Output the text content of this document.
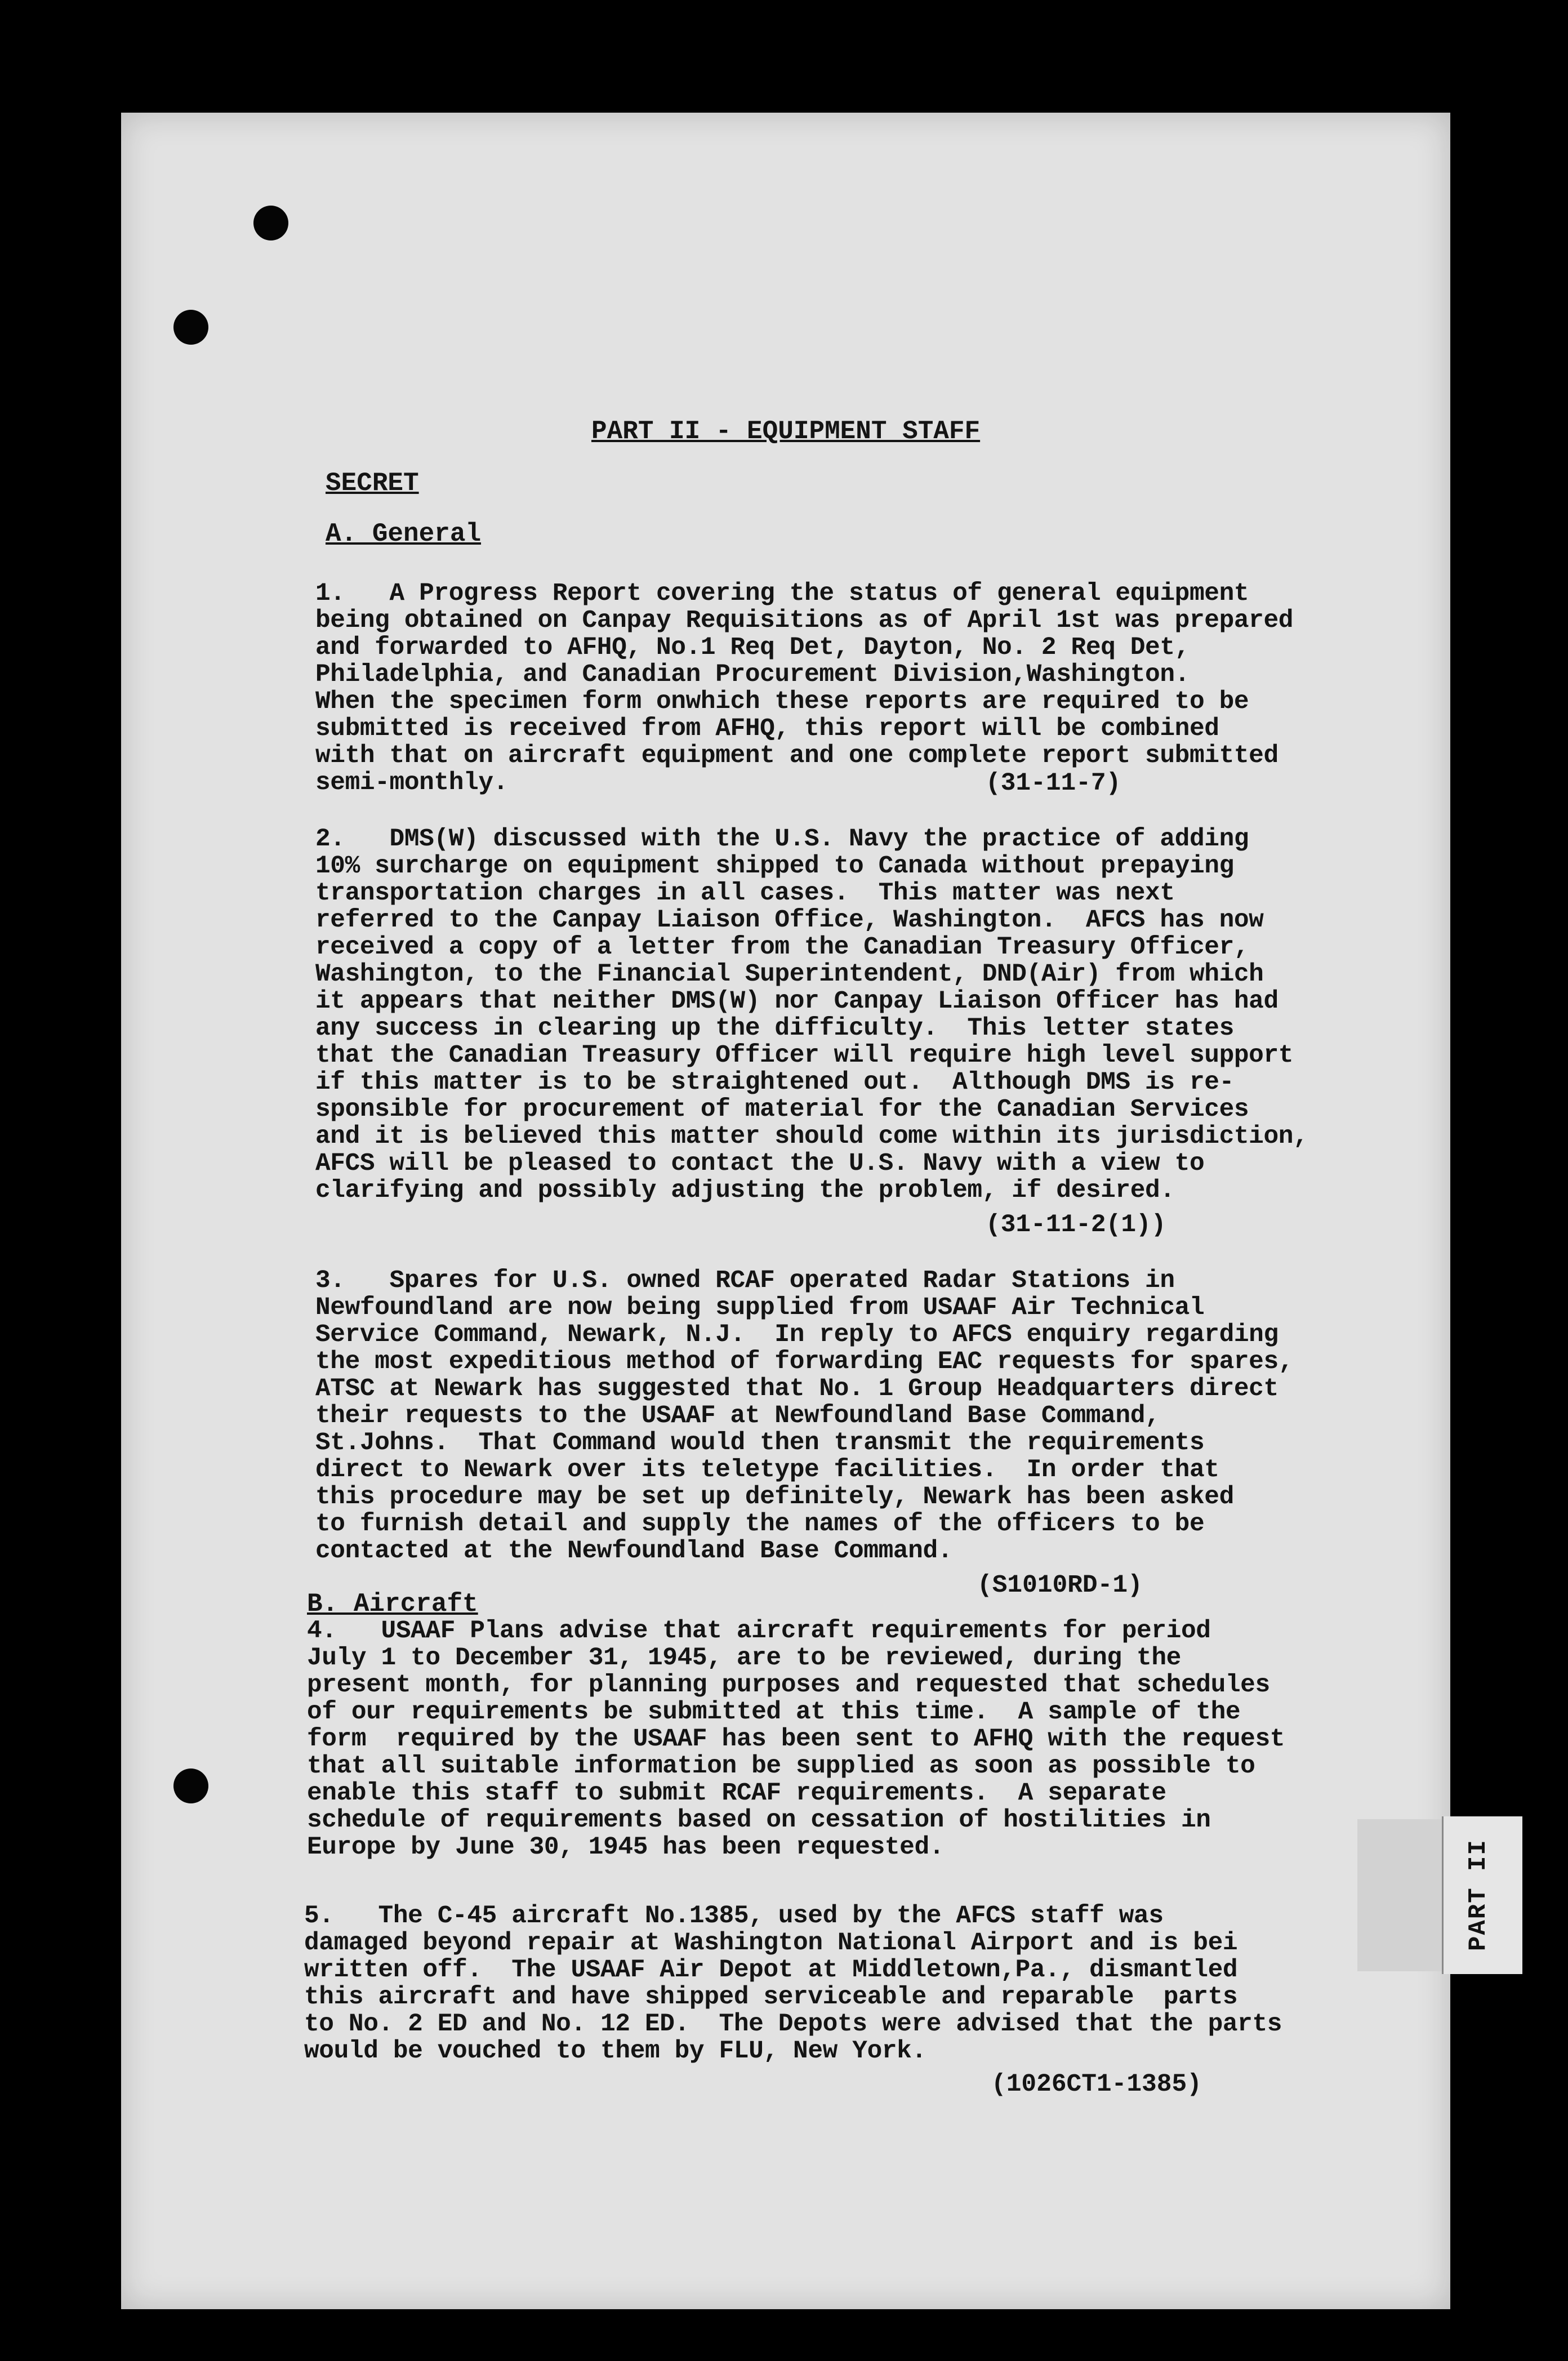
PART II
PART II - EQUIPMENT STAFF
SECRET
A. General
1.   A Progress Report covering the status of general equipment
being obtained on Canpay Requisitions as of April 1st was prepared
and forwarded to AFHQ, No.1 Req Det, Dayton, No. 2 Req Det,
Philadelphia, and Canadian Procurement Division,Washington.
When the specimen form onwhich these reports are required to be
submitted is received from AFHQ, this report will be combined
with that on aircraft equipment and one complete report submitted
semi-monthly.	(31-11-7)
2.   DMS(W) discussed with the U.S. Navy the practice of adding
10% surcharge on equipment shipped to Canada without prepaying
transportation charges in all cases.  This matter was next
referred to the Canpay Liaison Office, Washington.  AFCS has now
received a copy of a letter from the Canadian Treasury Officer,
Washington, to the Financial Superintendent, DND(Air) from which
it appears that neither DMS(W) nor Canpay Liaison Officer has had
any success in clearing up the difficulty.  This letter states
that the Canadian Treasury Officer will require high level support
if this matter is to be straightened out.  Although DMS is re-
sponsible for procurement of material for the Canadian Services
and it is believed this matter should come within its jurisdiction,
AFCS will be pleased to contact the U.S. Navy with a view to
clarifying and possibly adjusting the problem, if desired.
(31-11-2(1))
3.   Spares for U.S. owned RCAF operated Radar Stations in
Newfoundland are now being supplied from USAAF Air Technical
Service Command, Newark, N.J.  In reply to AFCS enquiry regarding
the most expeditious method of forwarding EAC requests for spares,
ATSC at Newark has suggested that No. 1 Group Headquarters direct
their requests to the USAAF at Newfoundland Base Command,
St.Johns.  That Command would then transmit the requirements
direct to Newark over its teletype facilities.  In order that
this procedure may be set up definitely, Newark has been asked
to furnish detail and supply the names of the officers to be
contacted at the Newfoundland Base Command.
(S1010RD-1)
B. Aircraft
4.   USAAF Plans advise that aircraft requirements for period
July 1 to December 31, 1945, are to be reviewed, during the
present month, for planning purposes and requested that schedules
of our requirements be submitted at this time.  A sample of the
form  required by the USAAF has been sent to AFHQ with the request
that all suitable information be supplied as soon as possible to
enable this staff to submit RCAF requirements.  A separate
schedule of requirements based on cessation of hostilities in
Europe by June 30, 1945 has been requested.
5.   The C-45 aircraft No.1385, used by the AFCS staff was
damaged beyond repair at Washington National Airport and is bei
written off.  The USAAF Air Depot at Middletown,Pa., dismantled
this aircraft and have shipped serviceable and reparable  parts
to No. 2 ED and No. 12 ED.  The Depots were advised that the parts
would be vouched to them by FLU, New York.
(1026CT1-1385)
